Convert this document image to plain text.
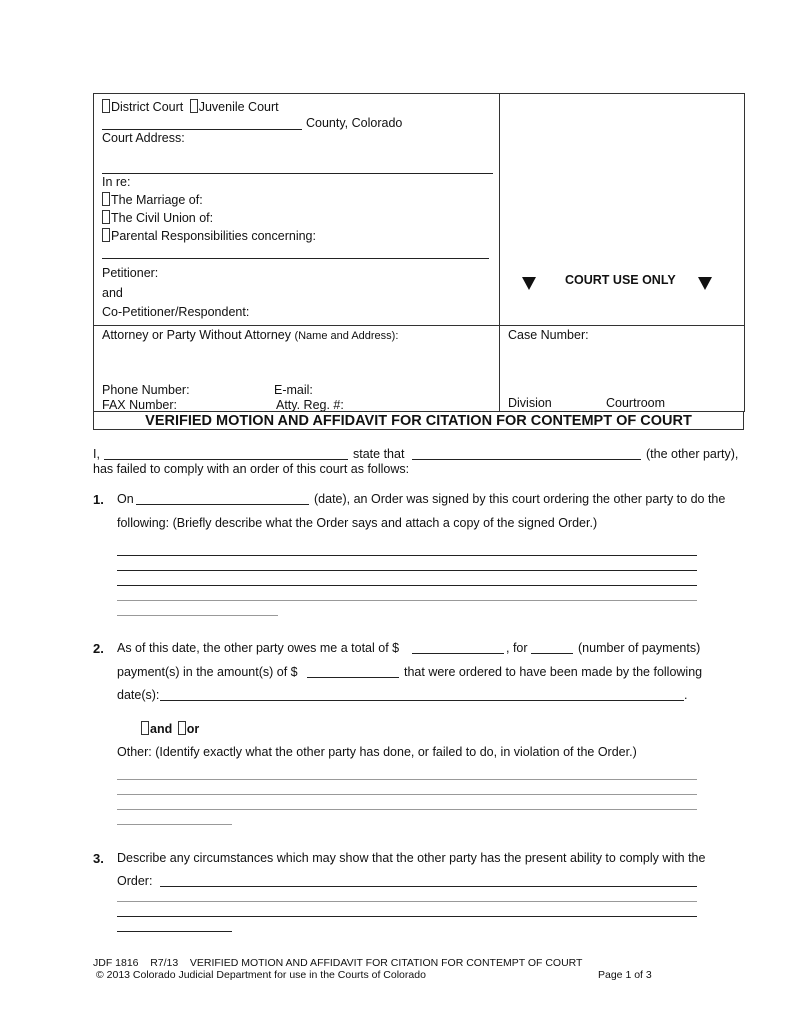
District Court Juvenile Court
County, Colorado
Court Address:
In re:
The Marriage of:
The Civil Union of:
Parental Responsibilities concerning:
Petitioner:
and
Co-Petitioner/Respondent:
COURT USE ONLY
Attorney or Party Without Attorney (Name and Address):
Phone Number:	E-mail:
FAX Number:	Atty. Reg. #:
Case Number:
Division	Courtroom
VERIFIED MOTION AND AFFIDAVIT FOR CITATION FOR CONTEMPT OF COURT
I,	state that	(the other party),
has failed to comply with an order of this court as follows:
1. On	(date), an Order was signed by this court ordering the other party to do the
following: (Briefly describe what the Order says and attach a copy of the signed Order.)
2. As of this date, the other party owes me a total of $	, for	(number of payments)
payment(s) in the amount(s) of $	that were ordered to have been made by the following
date(s):	.
and or
Other: (Identify exactly what the other party has done, or failed to do, in violation of the Order.)
3. Describe any circumstances which may show that the other party has the present ability to comply with the
Order:
JDF 1816    R7/13    VERIFIED MOTION AND AFFIDAVIT FOR CITATION FOR CONTEMPT OF COURT
© 2013 Colorado Judicial Department for use in the Courts of Colorado	Page 1 of 3
